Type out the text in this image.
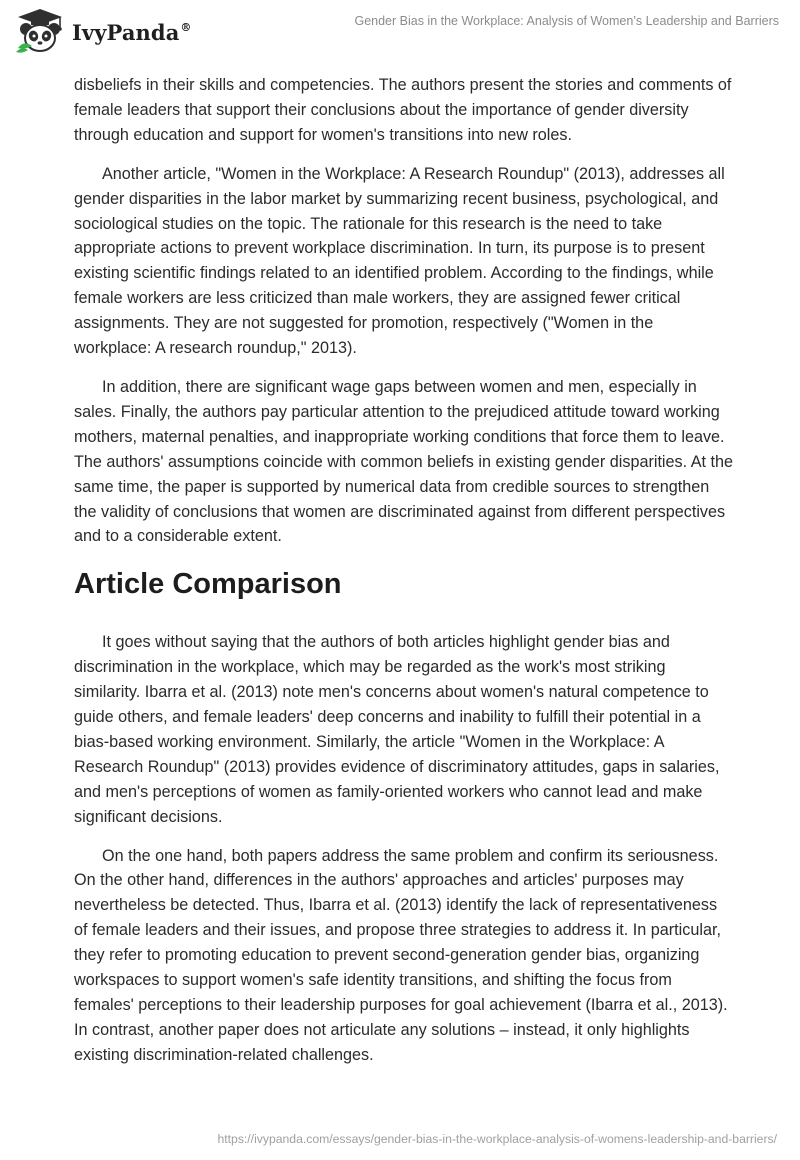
IvyPanda®	Gender Bias in the Workplace: Analysis of Women’s Leadership and Barriers

disbeliefs in their skills and competencies. The authors present the stories and comments of female leaders that support their conclusions about the importance of gender diversity through education and support for women's transitions into new roles.

Another article, "Women in the Workplace: A Research Roundup" (2013), addresses all gender disparities in the labor market by summarizing recent business, psychological, and sociological studies on the topic. The rationale for this research is the need to take appropriate actions to prevent workplace discrimination. In turn, its purpose is to present existing scientific findings related to an identified problem. According to the findings, while female workers are less criticized than male workers, they are assigned fewer critical assignments. They are not suggested for promotion, respectively ("Women in the workplace: A research roundup," 2013).

In addition, there are significant wage gaps between women and men, especially in sales. Finally, the authors pay particular attention to the prejudiced attitude toward working mothers, maternal penalties, and inappropriate working conditions that force them to leave. The authors' assumptions coincide with common beliefs in existing gender disparities. At the same time, the paper is supported by numerical data from credible sources to strengthen the validity of conclusions that women are discriminated against from different perspectives and to a considerable extent.

Article Comparison

It goes without saying that the authors of both articles highlight gender bias and discrimination in the workplace, which may be regarded as the work's most striking similarity. Ibarra et al. (2013) note men's concerns about women's natural competence to guide others, and female leaders' deep concerns and inability to fulfill their potential in a bias-based working environment. Similarly, the article "Women in the Workplace: A Research Roundup" (2013) provides evidence of discriminatory attitudes, gaps in salaries, and men's perceptions of women as family-oriented workers who cannot lead and make significant decisions.

On the one hand, both papers address the same problem and confirm its seriousness. On the other hand, differences in the authors' approaches and articles' purposes may nevertheless be detected. Thus, Ibarra et al. (2013) identify the lack of representativeness of female leaders and their issues, and propose three strategies to address it. In particular, they refer to promoting education to prevent second-generation gender bias, organizing workspaces to support women's safe identity transitions, and shifting the focus from females' perceptions to their leadership purposes for goal achievement (Ibarra et al., 2013). In contrast, another paper does not articulate any solutions – instead, it only highlights existing discrimination-related challenges.

https://ivypanda.com/essays/gender-bias-in-the-workplace-analysis-of-womens-leadership-and-barriers/
